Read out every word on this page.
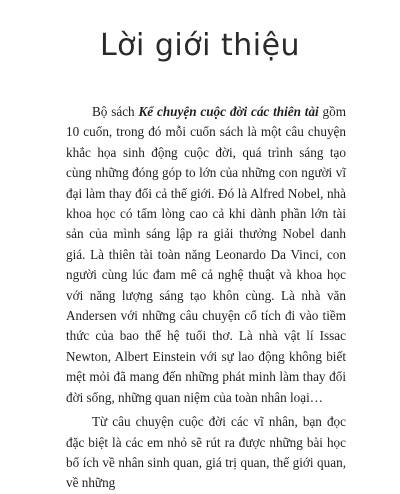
Lời giới thiệu

Bộ sách Kể chuyện cuộc đời các thiên tài gồm 10 cuốn, trong đó mỗi cuốn sách là một câu chuyện khắc họa sinh động cuộc đời, quá trình sáng tạo cùng những đóng góp to lớn của những con người vĩ đại làm thay đổi cả thế giới. Đó là Alfred Nobel, nhà khoa học có tấm lòng cao cả khi dành phần lớn tài sản của mình sáng lập ra giải thưởng Nobel danh giá. Là thiên tài toàn năng Leonardo Da Vinci, con người cùng lúc đam mê cả nghệ thuật và khoa học với năng lượng sáng tạo khôn cùng. Là nhà văn Andersen với những câu chuyện cổ tích đi vào tiềm thức của bao thế hệ tuổi thơ. Là nhà vật lí Issac Newton, Albert Einstein với sự lao động không biết mệt mỏi đã mang đến những phát minh làm thay đổi đời sống, những quan niệm của toàn nhân loại…

Từ câu chuyện cuộc đời các vĩ nhân, bạn đọc đặc biệt là các em nhỏ sẽ rút ra được những bài học bổ ích về nhân sinh quan, giá trị quan, thế giới quan, về những
